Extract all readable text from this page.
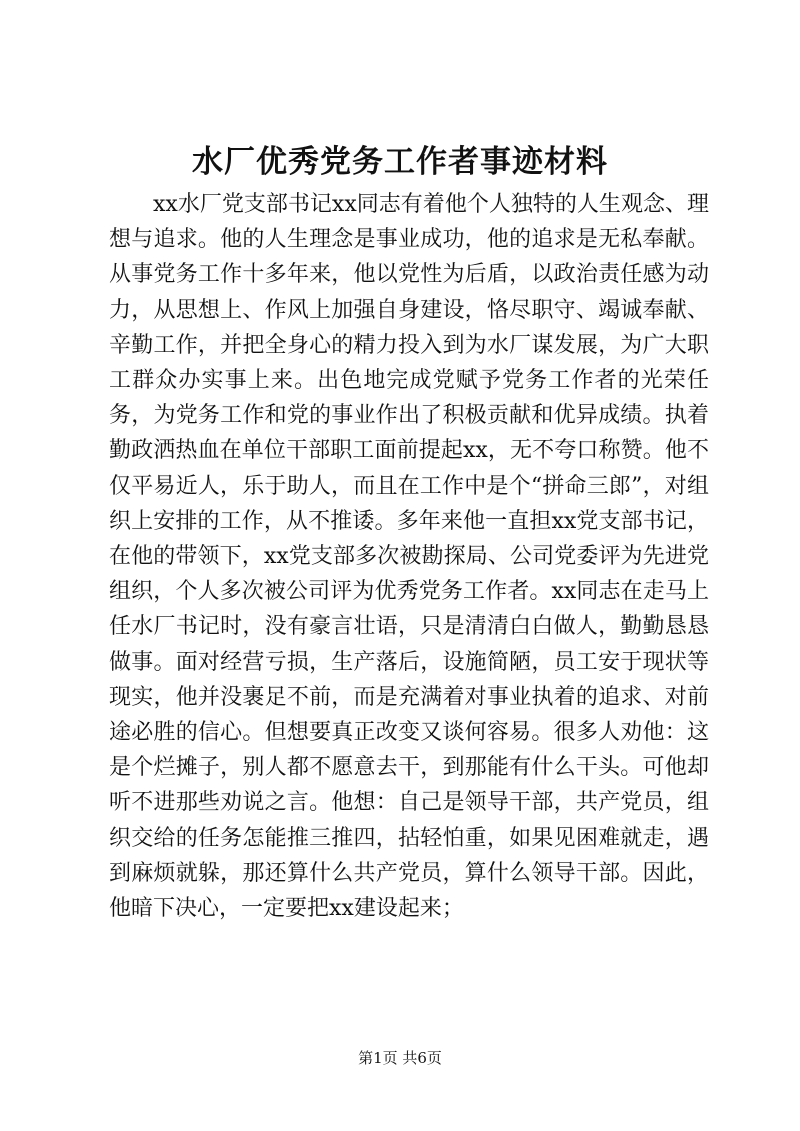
水厂优秀党务工作者事迹材料

xx水厂党支部书记xx同志有着他个人独特的人生观念、理想与追求。他的人生理念是事业成功，他的追求是无私奉献。从事党务工作十多年来，他以党性为后盾，以政治责任感为动力，从思想上、作风上加强自身建设，恪尽职守、竭诚奉献、辛勤工作，并把全身心的精力投入到为水厂谋发展，为广大职工群众办实事上来。出色地完成党赋予党务工作者的光荣任务，为党务工作和党的事业作出了积极贡献和优异成绩。执着勤政洒热血在单位干部职工面前提起xx，无不夸口称赞。他不仅平易近人，乐于助人，而且在工作中是个“拼命三郎”，对组织上安排的工作，从不推诿。多年来他一直担xx党支部书记，在他的带领下，xx党支部多次被勘探局、公司党委评为先进党组织，个人多次被公司评为优秀党务工作者。xx同志在走马上任水厂书记时，没有豪言壮语，只是清清白白做人，勤勤恳恳做事。面对经营亏损，生产落后，设施简陋，员工安于现状等现实，他并没裹足不前，而是充满着对事业执着的追求、对前途必胜的信心。但想要真正改变又谈何容易。很多人劝他：这是个烂摊子，别人都不愿意去干，到那能有什么干头。可他却听不进那些劝说之言。他想：自己是领导干部，共产党员，组织交给的任务怎能推三推四，拈轻怕重，如果见困难就走，遇到麻烦就躲，那还算什么共产党员，算什么领导干部。因此，他暗下决心，一定要把xx建设起来；

第1页 共6页
